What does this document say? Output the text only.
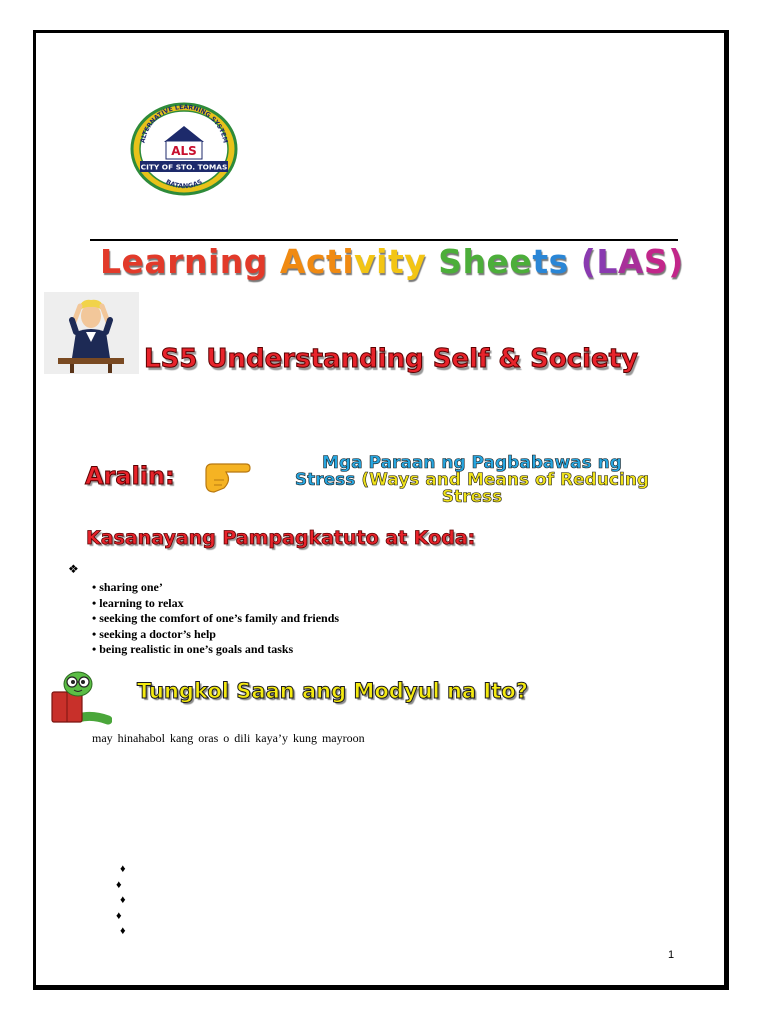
ALTERNATIVE LEARNING SYSTEM
ALS
CITY OF STO. TOMAS
BATANGAS
Learning Activity Sheets (LAS)
LS5 Understanding Self & Society
Aralin:	Mga Paraan ng Pagbabawas ng
Stress (Ways and Means of Reducing
Stress
Kasanayang Pampagkatuto at Koda:
❖
• sharing one’
• learning to relax
• seeking the comfort of one’s family and friends
• seeking a doctor’s help
• being realistic in one’s goals and tasks
Tungkol Saan ang Modyul na Ito?
may hinahabol kang oras o dili kaya’y kung mayroon
♦
♦
♦
♦
♦
1
